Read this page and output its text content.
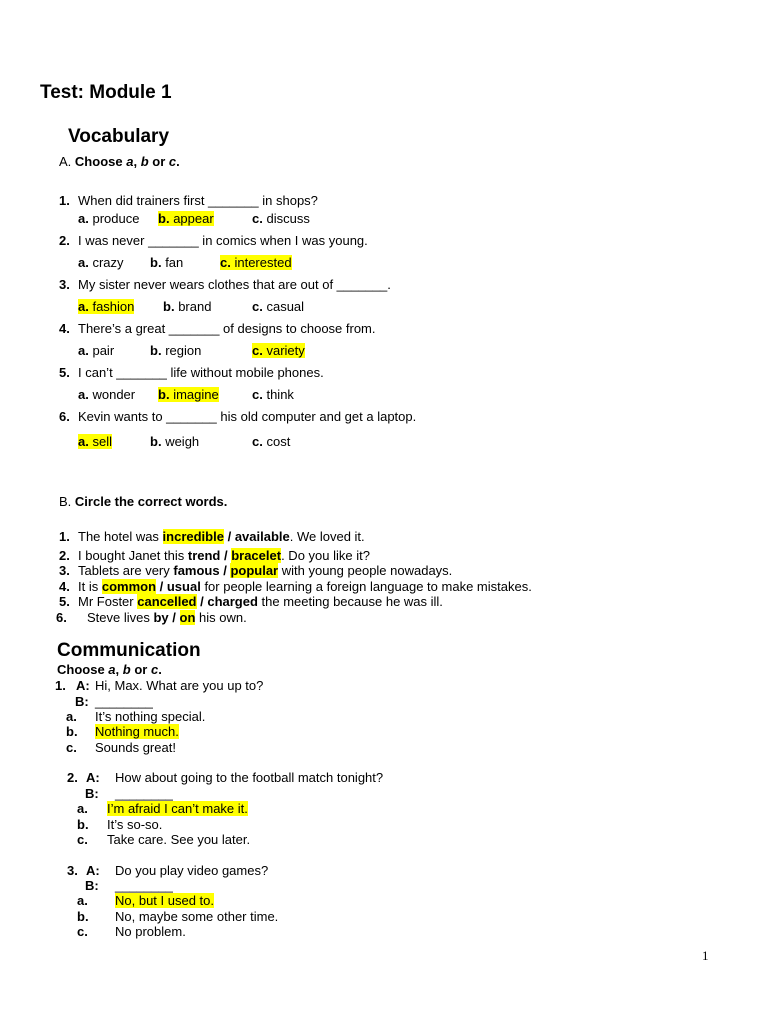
Test: Module 1
Vocabulary
A. Choose a, b or c.
1. When did trainers first _______ in shops?
a. produce b. appear	c. discuss
2. I was never _______ in comics when I was young.
a. crazy b. fan	c. interested
3. My sister never wears clothes that are out of _______.
a. fashion b. brand	c. casual
4. There’s a great _______ of designs to choose from.
a. pair	b. region	c. variety
5. I can’t _______ life without mobile phones.
a. wonder b. imagine	c. think
6. Kevin wants to _______ his old computer and get a laptop.
a. sell	b. weigh	c. cost
B. Circle the correct words.
1. The hotel was incredible / available. We loved it.
2. I bought Janet this trend / bracelet. Do you like it?
3. Tablets are very famous / popular with young people nowadays.
4. It is common / usual for people learning a foreign language to make mistakes.
5. Mr Foster cancelled / charged the meeting because he was ill.
6. Steve lives by / on his own.
Communication
Choose a, b or c.
1. A: Hi, Max. What are you up to?
B: ________
a. It’s nothing special.
b. Nothing much.
c. Sounds great!
2. A: How about going to the football match tonight?
B: ________
a. I’m afraid I can’t make it.
b. It’s so-so.
c. Take care. See you later.
3. A: Do you play video games?
B: ________
a. No, but I used to.
b. No, maybe some other time.
c. No problem.
1
